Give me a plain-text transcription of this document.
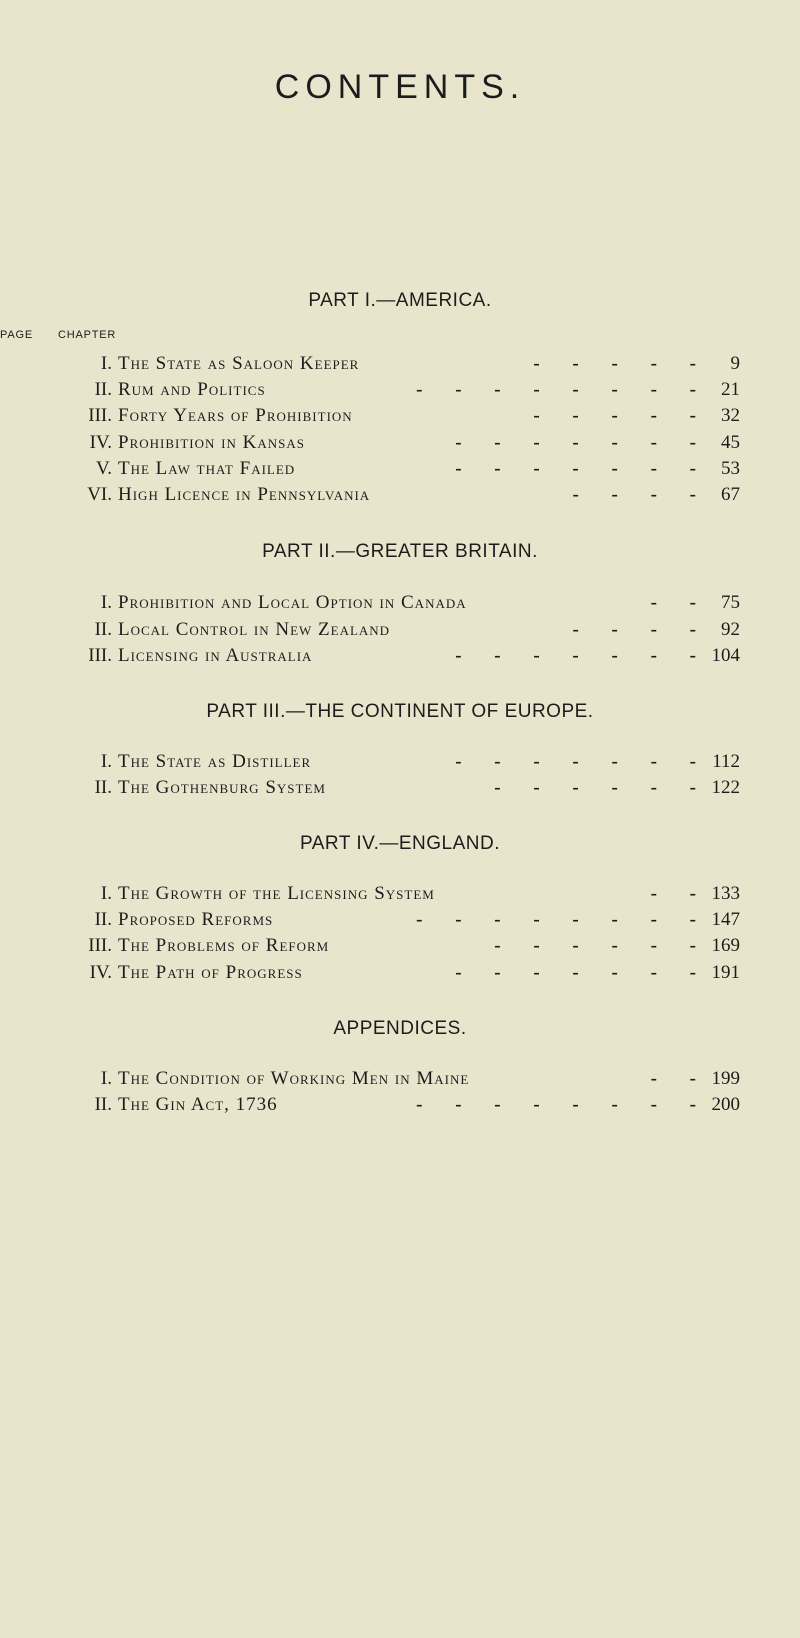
CONTENTS.
PART I.—AMERICA.
CHAPTER
PAGE
I. The State as Saloon Keeper	- - - - - 9
II. Rum and Politics	- - - - - - - - 21
III. Forty Years of Prohibition	- - - - - 32
IV. Prohibition in Kansas	- - - - - - - 45
V. The Law that Failed	- - - - - - - 53
VI. High Licence in Pennsylvania	- - - - 67
PART II.—GREATER BRITAIN.
I. Prohibition and Local Option in Canada	- - 75
II. Local Control in New Zealand	- - - - 92
III. Licensing in Australia	- - - - - - - 104
PART III.—THE CONTINENT OF EUROPE.
I. The State as Distiller	- - - - - - - 112
II. The Gothenburg System	- - - - - - 122
PART IV.—ENGLAND.
I. The Growth of the Licensing System	- - 133
II. Proposed Reforms	- - - - - - - - 147
III. The Problems of Reform	- - - - - - 169
IV. The Path of Progress	- - - - - - - 191
APPENDICES.
I. The Condition of Working Men in Maine	- - 199
II. The Gin Act, 1736	- - - - - - - - 200
